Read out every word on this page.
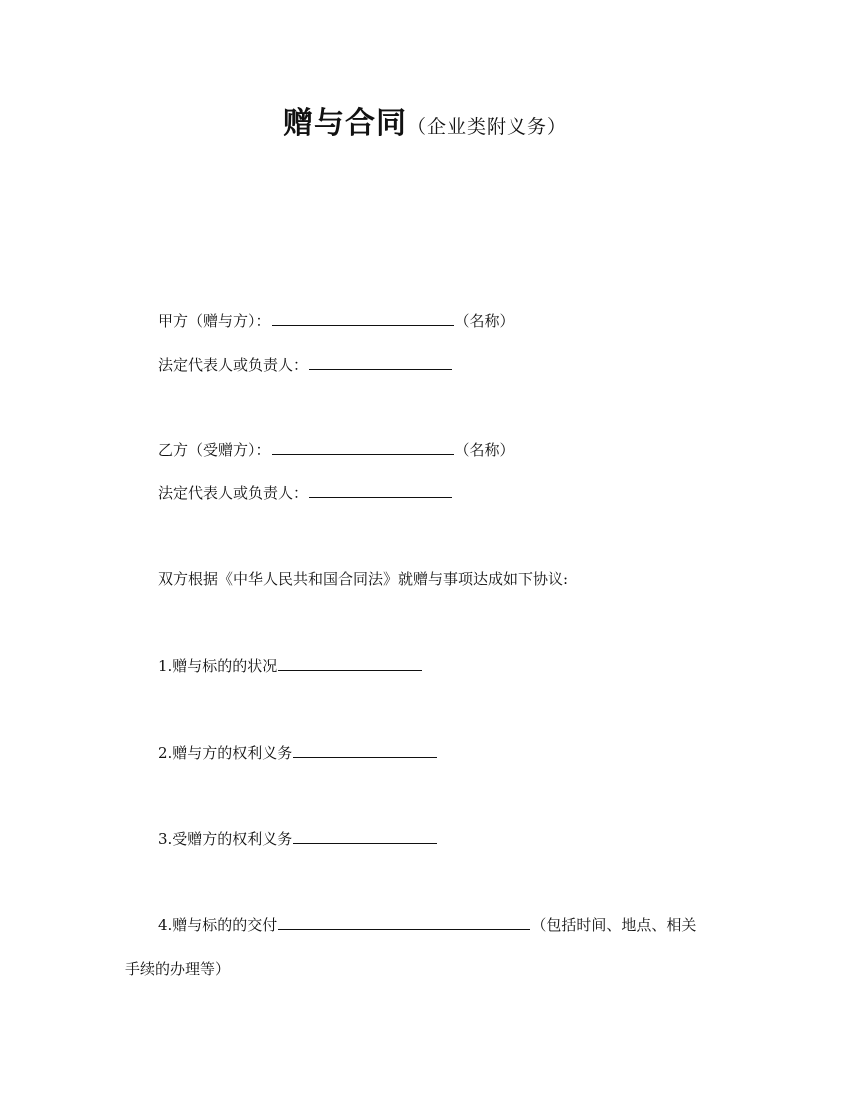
赠与合同（企业类附义务）
甲方（赠与方）：	（名称）
法定代表人或负责人：
乙方（受赠方）：	（名称）
法定代表人或负责人：
双方根据《中华人民共和国合同法》就赠与事项达成如下协议:
1.赠与标的的状况
2.赠与方的权利义务
3.受赠方的权利义务
4.赠与标的的交付	（包括时间、地点、相关
手续的办理等）
